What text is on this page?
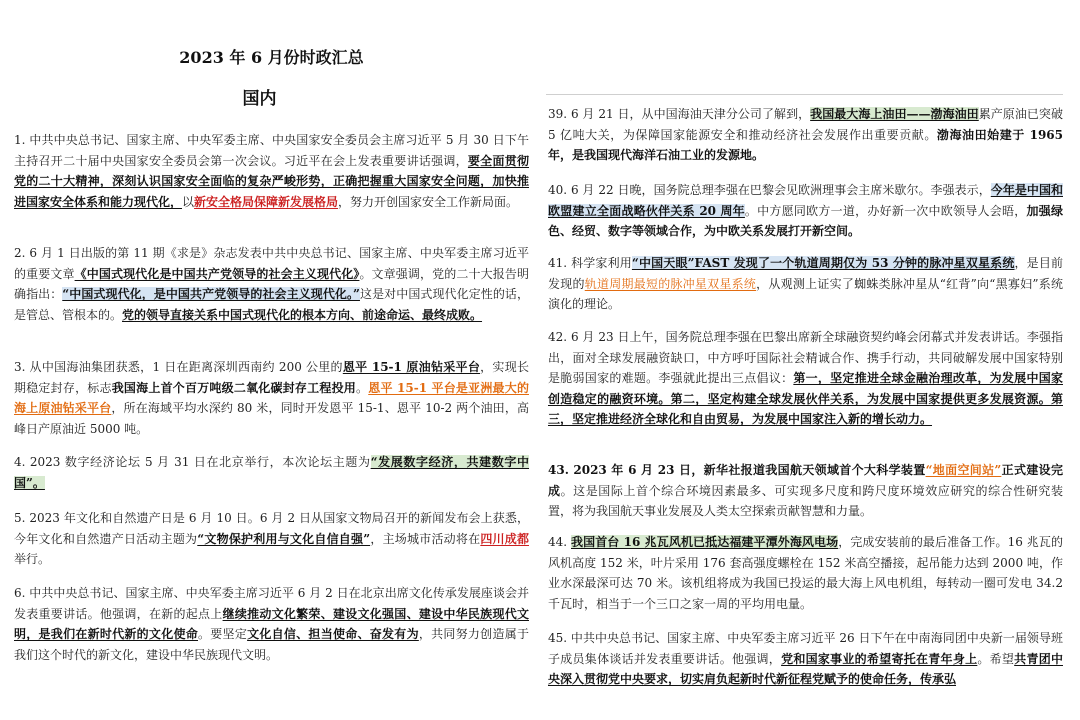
2023 年 6 月份时政汇总
国内

1. 中共中央总书记、国家主席、中央军委主席、中央国家安全委员会主席习近平 5 月 30 日下午主持召开二十届中央国家安全委员会第一次会议。习近平在会上发表重要讲话强调，要全面贯彻党的二十大精神，深刻认识国家安全面临的复杂严峻形势，正确把握重大国家安全问题，加快推进国家安全体系和能力现代化，以新安全格局保障新发展格局，努力开创国家安全工作新局面。

2. 6 月 1 日出版的第 11 期《求是》杂志发表中共中央总书记、国家主席、中央军委主席习近平的重要文章《中国式现代化是中国共产党领导的社会主义现代化》。文章强调，党的二十大报告明确指出：“中国式现代化，是中国共产党领导的社会主义现代化。”这是对中国式现代化定性的话，是管总、管根本的。党的领导直接关系中国式现代化的根本方向、前途命运、最终成败。

3. 从中国海油集团获悉，1 日在距离深圳西南约 200 公里的恩平 15-1 原油钻采平台，实现长期稳定封存，标志我国海上首个百万吨级二氧化碳封存工程投用。恩平 15-1 平台是亚洲最大的海上原油钻采平台，所在海域平均水深约 80 米，同时开发恩平 15-1、恩平 10-2 两个油田，高峰日产原油近 5000 吨。

4. 2023 数字经济论坛 5 月 31 日在北京举行，本次论坛主题为“发展数字经济，共建数字中国”。

5. 2023 年文化和自然遗产日是 6 月 10 日。6 月 2 日从国家文物局召开的新闻发布会上获悉，今年文化和自然遗产日活动主题为“文物保护利用与文化自信自强”，主场城市活动将在四川成都举行。

6. 中共中央总书记、国家主席、中央军委主席习近平 6 月 2 日在北京出席文化传承发展座谈会并发表重要讲话。他强调，在新的起点上继续推动文化繁荣、建设文化强国、建设中华民族现代文明，是我们在新时代新的文化使命。要坚定文化自信、担当使命、奋发有为，共同努力创造属于我们这个时代的新文化，建设中华民族现代文明。

39. 6 月 21 日，从中国海油天津分公司了解到，我国最大海上油田——渤海油田累产原油已突破 5 亿吨大关，为保障国家能源安全和推动经济社会发展作出重要贡献。渤海油田始建于 1965 年，是我国现代海洋石油工业的发源地。

40. 6 月 22 日晚，国务院总理李强在巴黎会见欧洲理事会主席米歇尔。李强表示，今年是中国和欧盟建立全面战略伙伴关系 20 周年。中方愿同欧方一道，办好新一次中欧领导人会晤，加强绿色、经贸、数字等领域合作，为中欧关系发展打开新空间。

41. 科学家利用“中国天眼”FAST 发现了一个轨道周期仅为 53 分钟的脉冲星双星系统，是目前发现的轨道周期最短的脉冲星双星系统，从观测上证实了蜘蛛类脉冲星从“红背”向“黑寡妇”系统演化的理论。

42. 6 月 23 日上午，国务院总理李强在巴黎出席新全球融资契约峰会闭幕式并发表讲话。李强指出，面对全球发展融资缺口，中方呼吁国际社会精诚合作、携手行动，共同破解发展中国家特别是脆弱国家的难题。李强就此提出三点倡议：第一，坚定推进全球金融治理改革，为发展中国家创造稳定的融资环境。第二，坚定构建全球发展伙伴关系，为发展中国家提供更多发展资源。第三，坚定推进经济全球化和自由贸易，为发展中国家注入新的增长动力。

43. 2023 年 6 月 23 日，新华社报道我国航天领域首个大科学装置“地面空间站”正式建设完成。这是国际上首个综合环境因素最多、可实现多尺度和跨尺度环境效应研究的综合性研究装置，将为我国航天事业发展及人类太空探索贡献智慧和力量。

44. 我国首台 16 兆瓦风机已抵达福建平潭外海风电场，完成安装前的最后准备工作。16 兆瓦的风机高度 152 米，叶片采用 176 套高强度螺栓在 152 米高空播接，起吊能力达到 2000 吨，作业水深最深可达 70 米。该机组将成为我国已投运的最大海上风电机组，每转动一圈可发电 34.2 千瓦时，相当于一个三口之家一周的平均用电量。

45. 中共中央总书记、国家主席、中央军委主席习近平 26 日下午在中南海同团中央新一届领导班子成员集体谈话并发表重要讲话。他强调，党和国家事业的希望寄托在青年身上。希望共青团中央深入贯彻党中央要求，切实肩负起新时代新征程党赋予的使命任务，传承弘
